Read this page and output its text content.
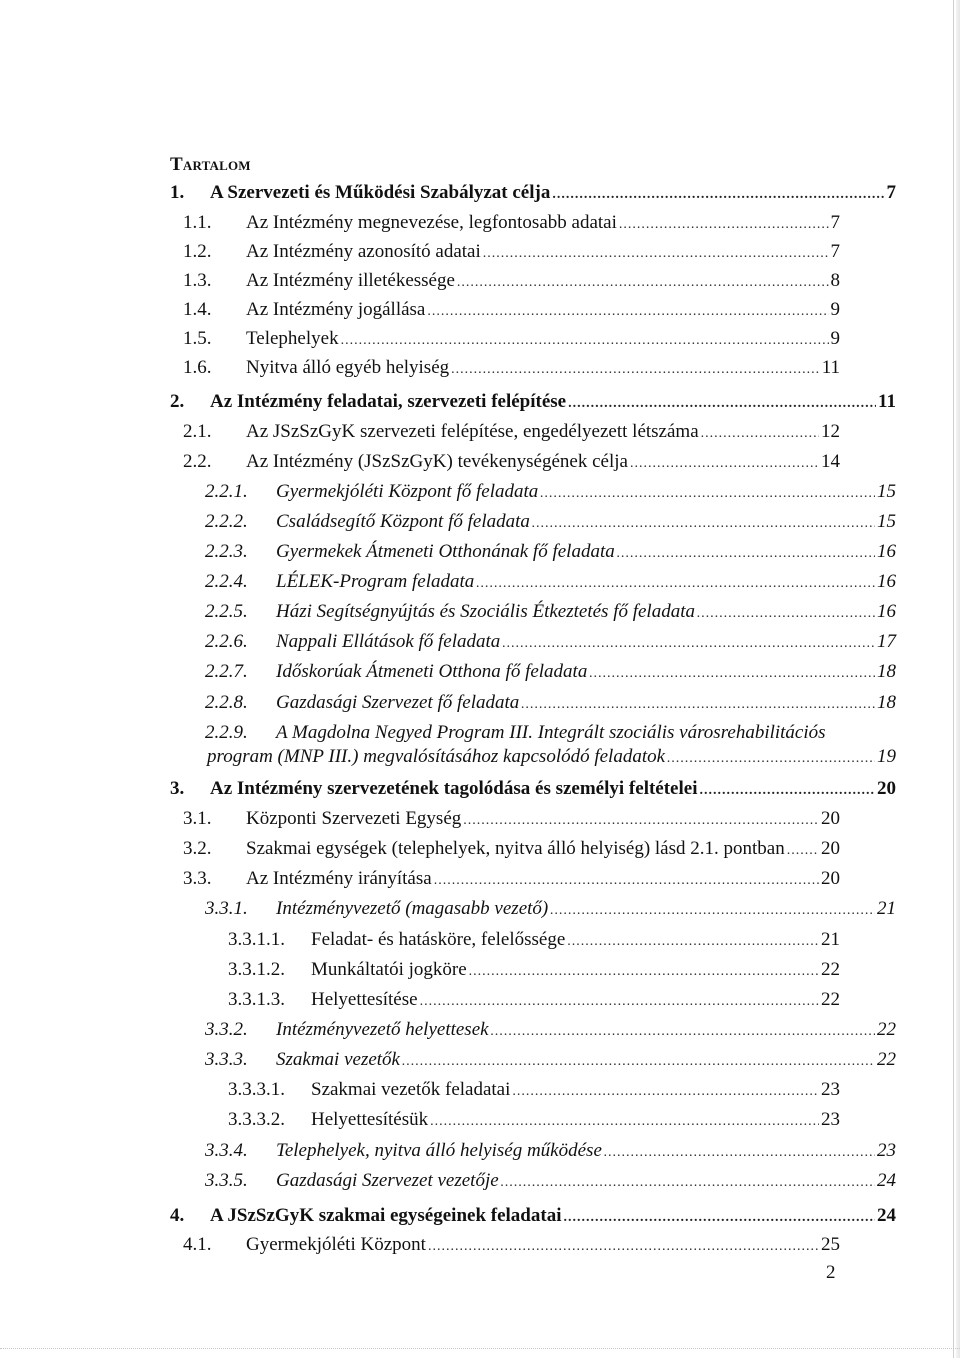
Tartalom
1.	A Szervezeti és Működési Szabályzat célja .....	7
1.1.	Az Intézmény megnevezése, legfontosabb adatai .....	7
1.2.	Az Intézmény azonosító adatai .....	7
1.3.	Az Intézmény illetékessége .....	8
1.4.	Az Intézmény jogállása .....	9
1.5.	Telephelyek .....	9
1.6.	Nyitva álló egyéb helyiség .....	11
2.	Az Intézmény feladatai, szervezeti felépítése .....	11
2.1.	Az JSzSzGyK szervezeti felépítése, engedélyezett létszáma .....	12
2.2.	Az Intézmény (JSzSzGyK) tevékenységének célja .....	14
2.2.1.	Gyermekjóléti Központ fő feladata .....	15
2.2.2.	Családsegítő Központ fő feladata .....	15
2.2.3.	Gyermekek Átmeneti Otthonának fő feladata .....	16
2.2.4.	LÉLEK-Program feladata .....	16
2.2.5.	Házi Segítségnyújtás és Szociális Étkeztetés fő feladata .....	16
2.2.6.	Nappali Ellátások fő feladata .....	17
2.2.7.	Időskorúak Átmeneti Otthona fő feladata .....	18
2.2.8.	Gazdasági Szervezet fő feladata .....	18
2.2.9.	A Magdolna Negyed Program III. Integrált szociális városrehabilitációs
program (MNP III.) megvalósításához kapcsolódó feladatok .....	19
3.	Az Intézmény szervezetének tagolódása és személyi feltételei .....	20
3.1.	Központi Szervezeti Egység .....	20
3.2.	Szakmai egységek (telephelyek, nyitva álló helyiség) lásd 2.1. pontban ..... 20
3.3.	Az Intézmény irányítása .....	20
3.3.1.	Intézményvezető (magasabb vezető) .....	21
3.3.1.1.	Feladat- és hatásköre, felelőssége .....	21
3.3.1.2.	Munkáltatói jogköre .....	22
3.3.1.3.	Helyettesítése .....	22
3.3.2.	Intézményvezető helyettesek .....	22
3.3.3.	Szakmai vezetők .....	22
3.3.3.1.	Szakmai vezetők feladatai .....	23
3.3.3.2.	Helyettesítésük .....	23
3.3.4.	Telephelyek, nyitva álló helyiség működése .....	23
3.3.5.	Gazdasági Szervezet vezetője .....	24
4.	A JSzSzGyK szakmai egységeinek feladatai .....	24
4.1.	Gyermekjóléti Központ .....	25
2
